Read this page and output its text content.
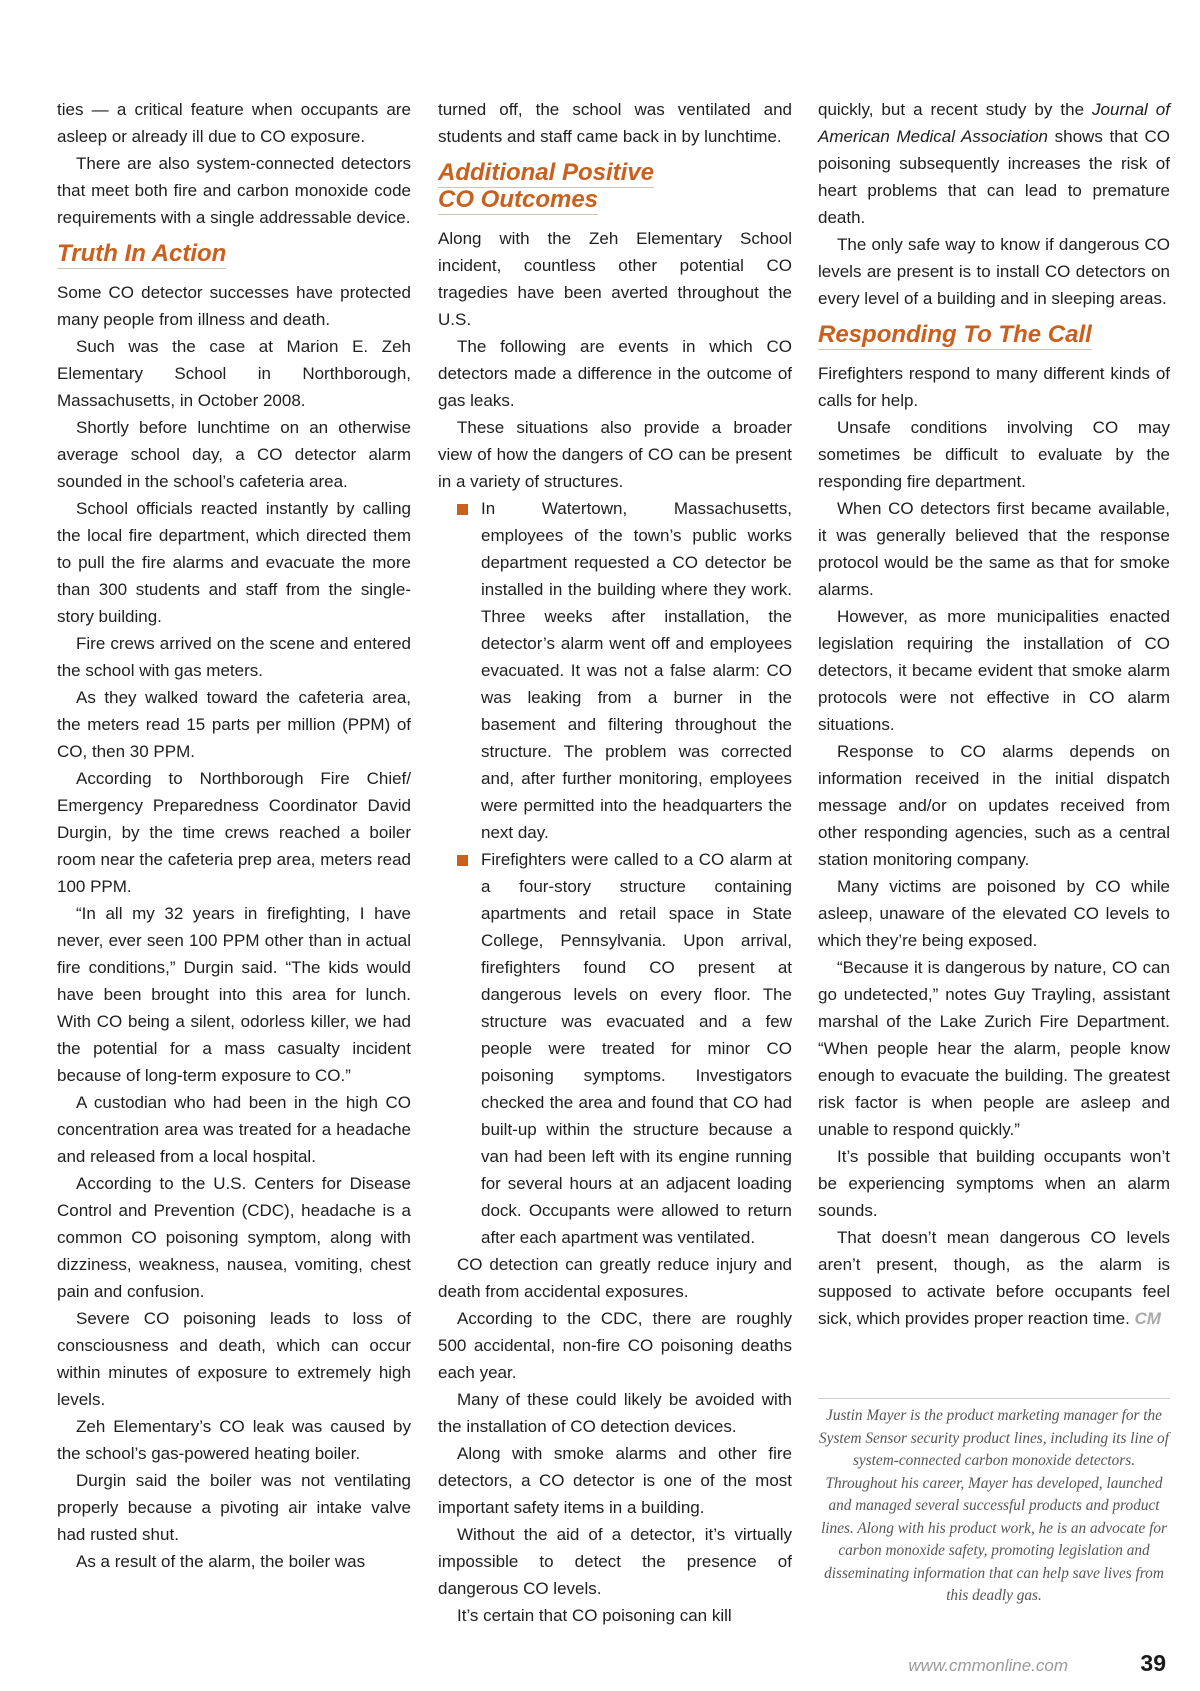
ties — a critical feature when occupants are asleep or already ill due to CO exposure.

There are also system-connected detectors that meet both fire and carbon monoxide code requirements with a single addressable device.

Truth In Action

Some CO detector successes have protected many people from illness and death.

Such was the case at Marion E. Zeh Elementary School in Northborough, Massachusetts, in October 2008.

Shortly before lunchtime on an otherwise average school day, a CO detector alarm sounded in the school’s cafeteria area.

School officials reacted instantly by calling the local fire department, which directed them to pull the fire alarms and evacuate the more than 300 students and staff from the single-story building.

Fire crews arrived on the scene and entered the school with gas meters.

As they walked toward the cafeteria area, the meters read 15 parts per million (PPM) of CO, then 30 PPM.

According to Northborough Fire Chief/ Emergency Preparedness Coordinator David Durgin, by the time crews reached a boiler room near the cafeteria prep area, meters read 100 PPM.

“In all my 32 years in firefighting, I have never, ever seen 100 PPM other than in actual fire conditions,” Durgin said. “The kids would have been brought into this area for lunch. With CO being a silent, odorless killer, we had the potential for a mass casualty incident because of long-term exposure to CO.”

A custodian who had been in the high CO concentration area was treated for a headache and released from a local hospital.

According to the U.S. Centers for Disease Control and Prevention (CDC), headache is a common CO poisoning symptom, along with dizziness, weakness, nausea, vomiting, chest pain and confusion.

Severe CO poisoning leads to loss of consciousness and death, which can occur within minutes of exposure to extremely high levels.

Zeh Elementary’s CO leak was caused by the school’s gas-powered heating boiler.

Durgin said the boiler was not ventilating properly because a pivoting air intake valve had rusted shut.

As a result of the alarm, the boiler was

turned off, the school was ventilated and students and staff came back in by lunchtime.

Additional Positive
CO Outcomes

Along with the Zeh Elementary School incident, countless other potential CO tragedies have been averted throughout the U.S.

The following are events in which CO detectors made a difference in the outcome of gas leaks.

These situations also provide a broader view of how the dangers of CO can be present in a variety of structures.

In Watertown, Massachusetts, employees of the town’s public works department requested a CO detector be installed in the building where they work. Three weeks after installation, the detector’s alarm went off and employees evacuated. It was not a false alarm: CO was leaking from a burner in the basement and filtering throughout the structure. The problem was corrected and, after further monitoring, employees were permitted into the headquarters the next day.
Firefighters were called to a CO alarm at a four-story structure containing apartments and retail space in State College, Pennsylvania. Upon arrival, firefighters found CO present at dangerous levels on every floor. The structure was evacuated and a few people were treated for minor CO poisoning symptoms. Investigators checked the area and found that CO had built-up within the structure because a van had been left with its engine running for several hours at an adjacent loading dock. Occupants were allowed to return after each apartment was ventilated.

CO detection can greatly reduce injury and death from accidental exposures.

According to the CDC, there are roughly 500 accidental, non-fire CO poisoning deaths each year.

Many of these could likely be avoided with the installation of CO detection devices.

Along with smoke alarms and other fire detectors, a CO detector is one of the most important safety items in a building.

Without the aid of a detector, it’s virtually impossible to detect the presence of dangerous CO levels.

It’s certain that CO poisoning can kill

quickly, but a recent study by the Journal of American Medical Association shows that CO poisoning subsequently increases the risk of heart problems that can lead to premature death.

The only safe way to know if dangerous CO levels are present is to install CO detectors on every level of a building and in sleeping areas.

Responding To The Call

Firefighters respond to many different kinds of calls for help.

Unsafe conditions involving CO may sometimes be difficult to evaluate by the responding fire department.

When CO detectors first became available, it was generally believed that the response protocol would be the same as that for smoke alarms.

However, as more municipalities enacted legislation requiring the installation of CO detectors, it became evident that smoke alarm protocols were not effective in CO alarm situations.

Response to CO alarms depends on information received in the initial dispatch message and/or on updates received from other responding agencies, such as a central station monitoring company.

Many victims are poisoned by CO while asleep, unaware of the elevated CO levels to which they’re being exposed.

“Because it is dangerous by nature, CO can go undetected,” notes Guy Trayling, assistant marshal of the Lake Zurich Fire Department. “When people hear the alarm, people know enough to evacuate the building. The greatest risk factor is when people are asleep and unable to respond quickly.”

It’s possible that building occupants won’t be experiencing symptoms when an alarm sounds.

That doesn’t mean dangerous CO levels aren’t present, though, as the alarm is supposed to activate before occupants feel sick, which provides proper reaction time. CM

Justin Mayer is the product marketing manager for the System Sensor security product lines, including its line of system-connected carbon monoxide detectors. Throughout his career, Mayer has developed, launched and managed several successful products and product lines. Along with his product work, he is an advocate for carbon monoxide safety, promoting legislation and disseminating information that can help save lives from this deadly gas.

www.cmmonline.com	39
